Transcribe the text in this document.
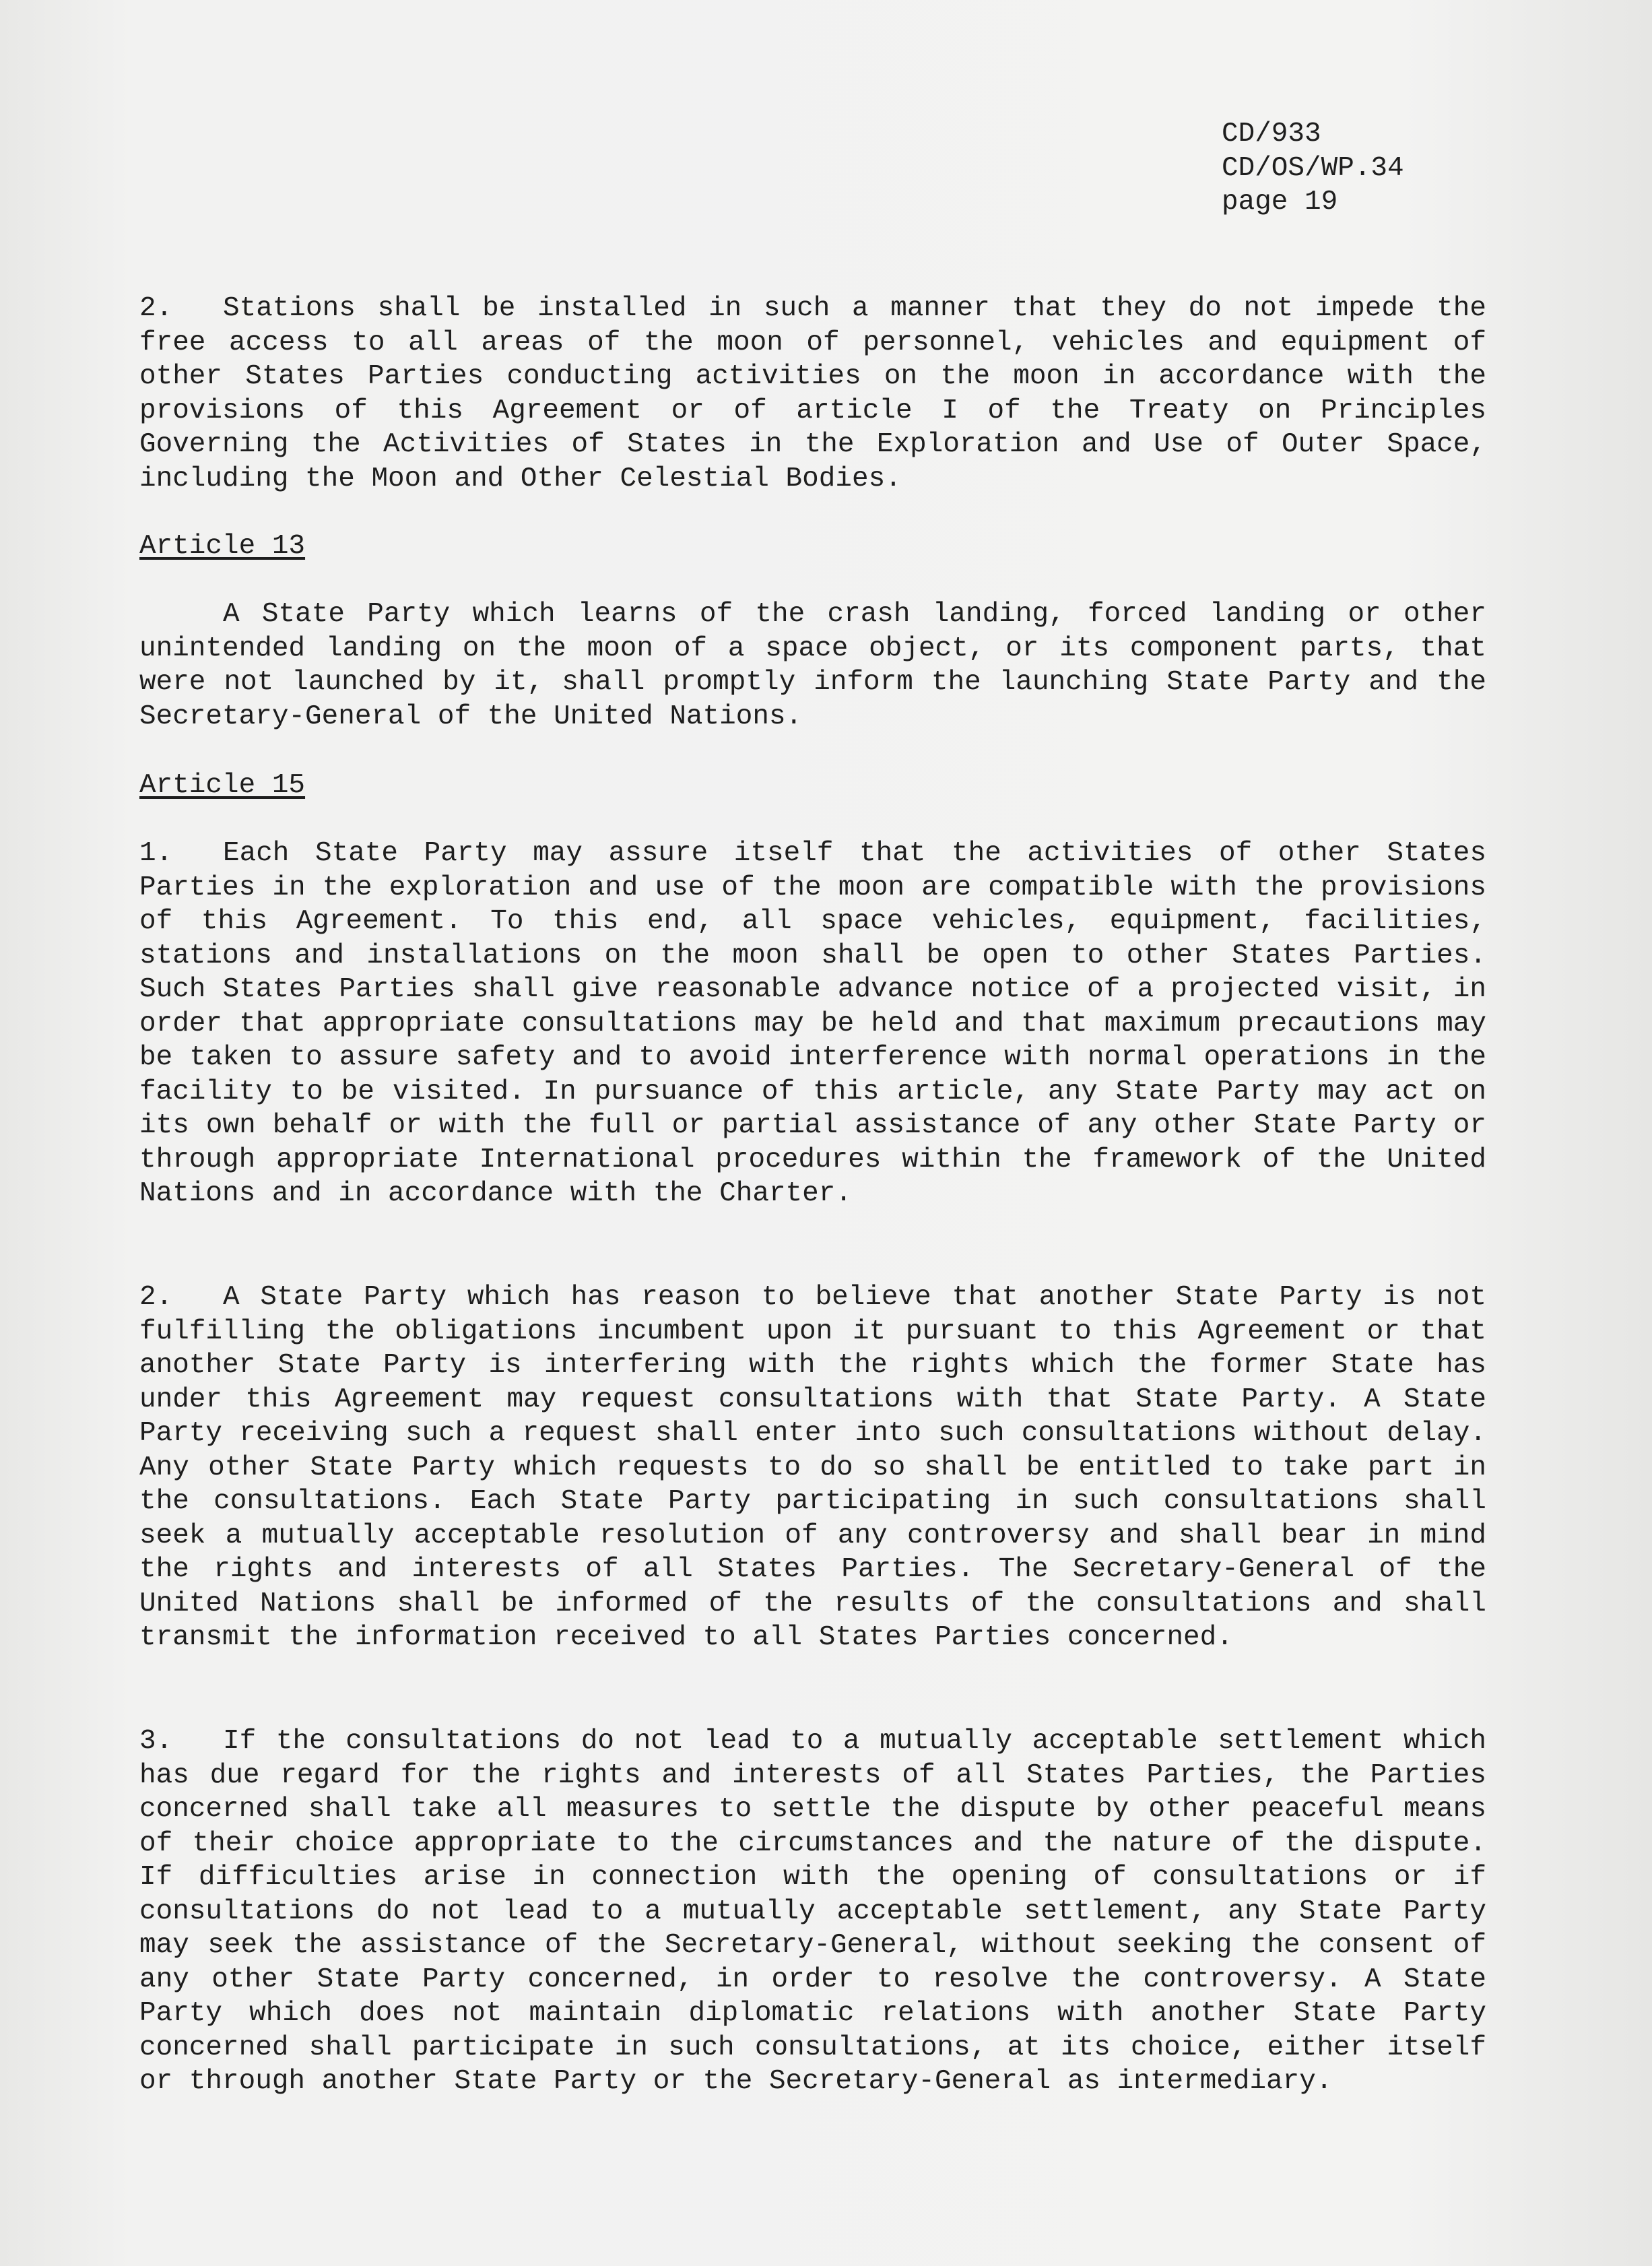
CD/933
CD/OS/WP.34
page 19

2. Stations shall be installed in such a manner that they do not impede the free access to all areas of the moon of personnel, vehicles and equipment of other States Parties conducting activities on the moon in accordance with the provisions of this Agreement or of article I of the Treaty on Principles Governing the Activities of States in the Exploration and Use of Outer Space, including the Moon and Other Celestial Bodies.

Article 13

A State Party which learns of the crash landing, forced landing or other unintended landing on the moon of a space object, or its component parts, that were not launched by it, shall promptly inform the launching State Party and the Secretary-General of the United Nations.

Article 15

1. Each State Party may assure itself that the activities of other States Parties in the exploration and use of the moon are compatible with the provisions of this Agreement. To this end, all space vehicles, equipment, facilities, stations and installations on the moon shall be open to other States Parties. Such States Parties shall give reasonable advance notice of a projected visit, in order that appropriate consultations may be held and that maximum precautions may be taken to assure safety and to avoid interference with normal operations in the facility to be visited. In pursuance of this article, any State Party may act on its own behalf or with the full or partial assistance of any other State Party or through appropriate International procedures within the framework of the United Nations and in accordance with the Charter.

2. A State Party which has reason to believe that another State Party is not fulfilling the obligations incumbent upon it pursuant to this Agreement or that another State Party is interfering with the rights which the former State has under this Agreement may request consultations with that State Party. A State Party receiving such a request shall enter into such consultations without delay. Any other State Party which requests to do so shall be entitled to take part in the consultations. Each State Party participating in such consultations shall seek a mutually acceptable resolution of any controversy and shall bear in mind the rights and interests of all States Parties. The Secretary-General of the United Nations shall be informed of the results of the consultations and shall transmit the information received to all States Parties concerned.

3. If the consultations do not lead to a mutually acceptable settlement which has due regard for the rights and interests of all States Parties, the Parties concerned shall take all measures to settle the dispute by other peaceful means of their choice appropriate to the circumstances and the nature of the dispute. If difficulties arise in connection with the opening of consultations or if consultations do not lead to a mutually acceptable settlement, any State Party may seek the assistance of the Secretary-General, without seeking the consent of any other State Party concerned, in order to resolve the controversy. A State Party which does not maintain diplomatic relations with another State Party concerned shall participate in such consultations, at its choice, either itself or through another State Party or the Secretary-General as intermediary.
